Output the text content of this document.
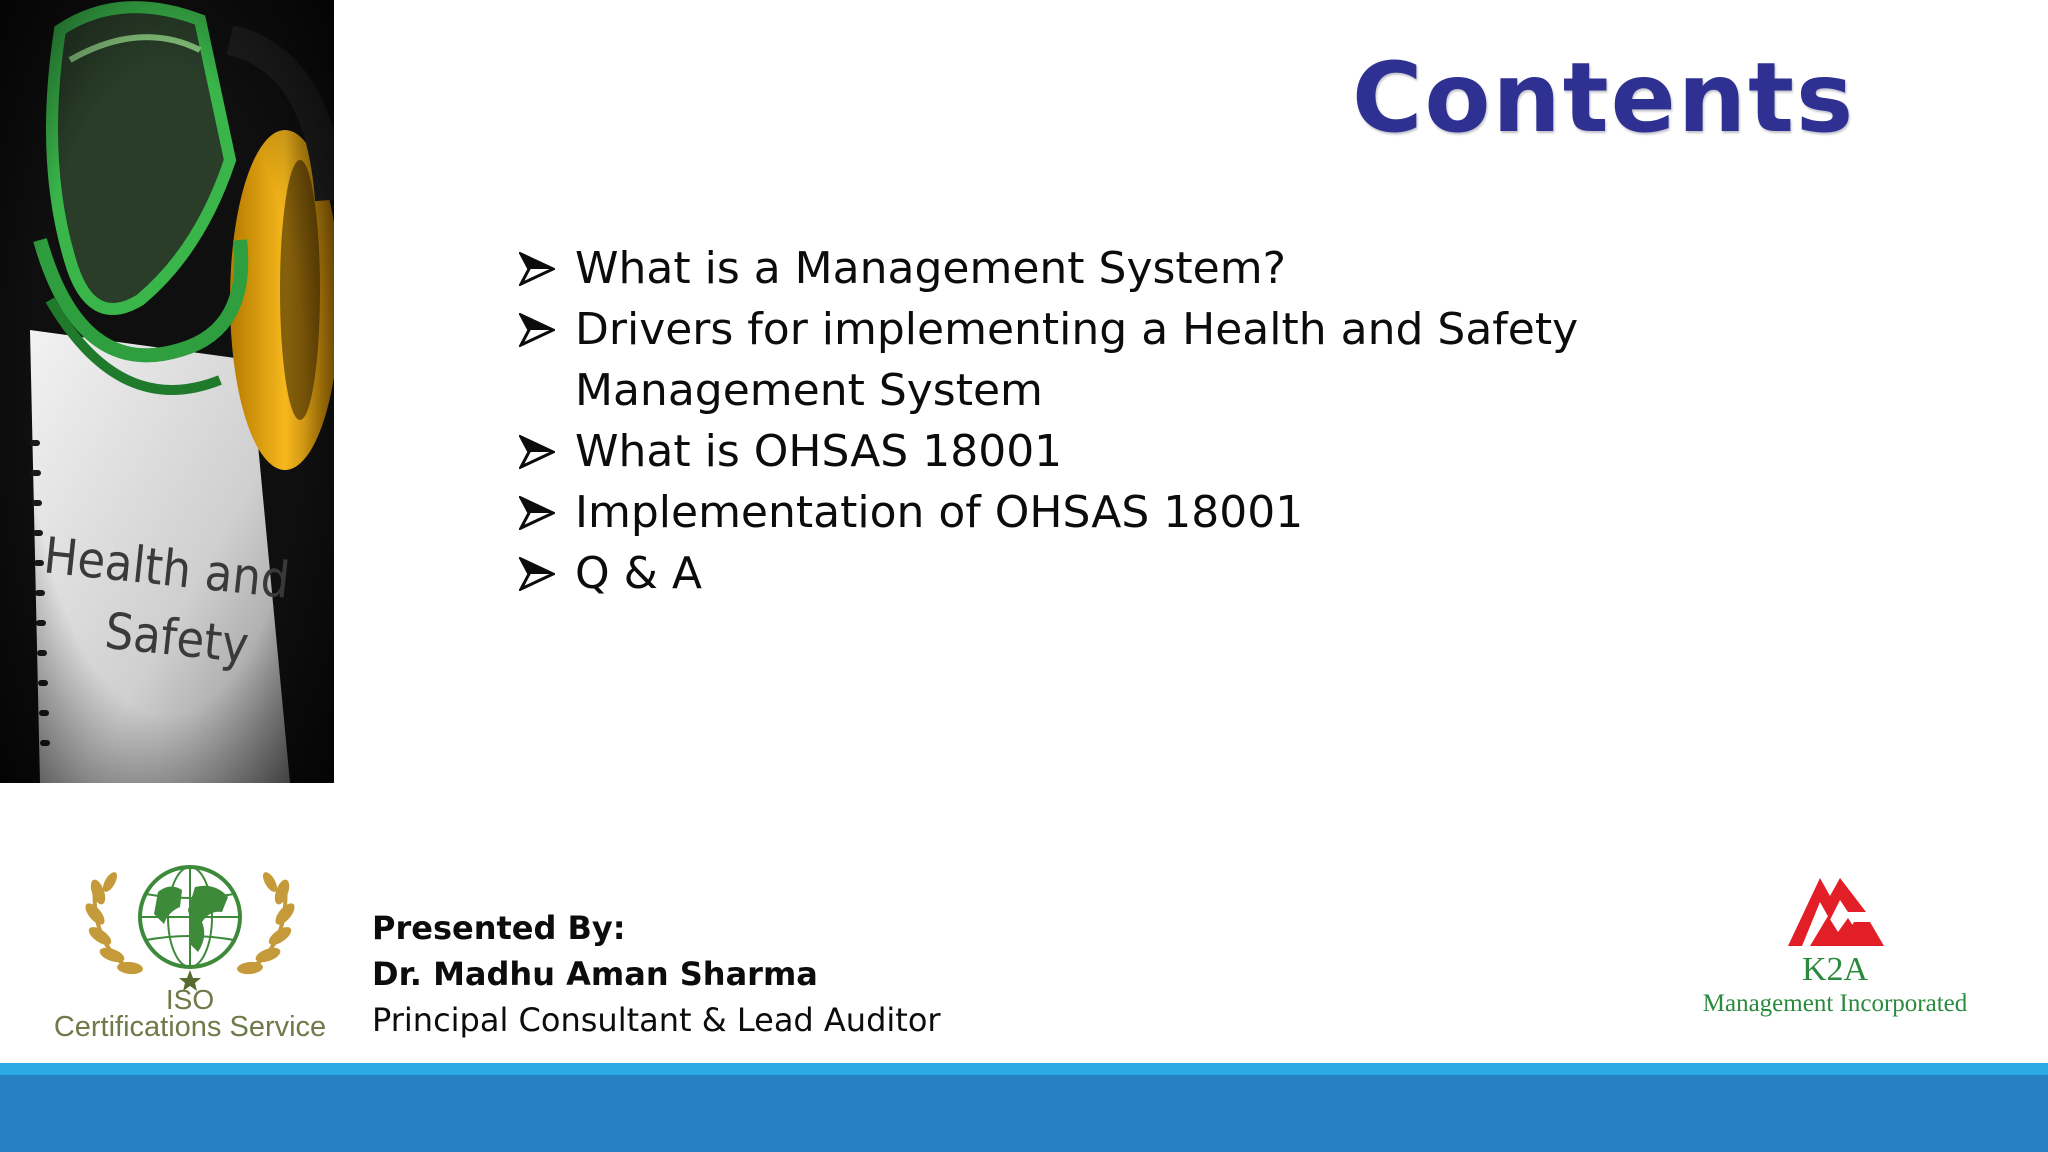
Contents
What is a Management System?
Drivers for implementing a Health and Safety Management System
What is OHSAS 18001
Implementation of OHSAS 18001
Q & A
ISO
Certifications Service
Presented By:
Dr. Madhu Aman Sharma
Principal Consultant & Lead Auditor
K2A
Management Incorporated
